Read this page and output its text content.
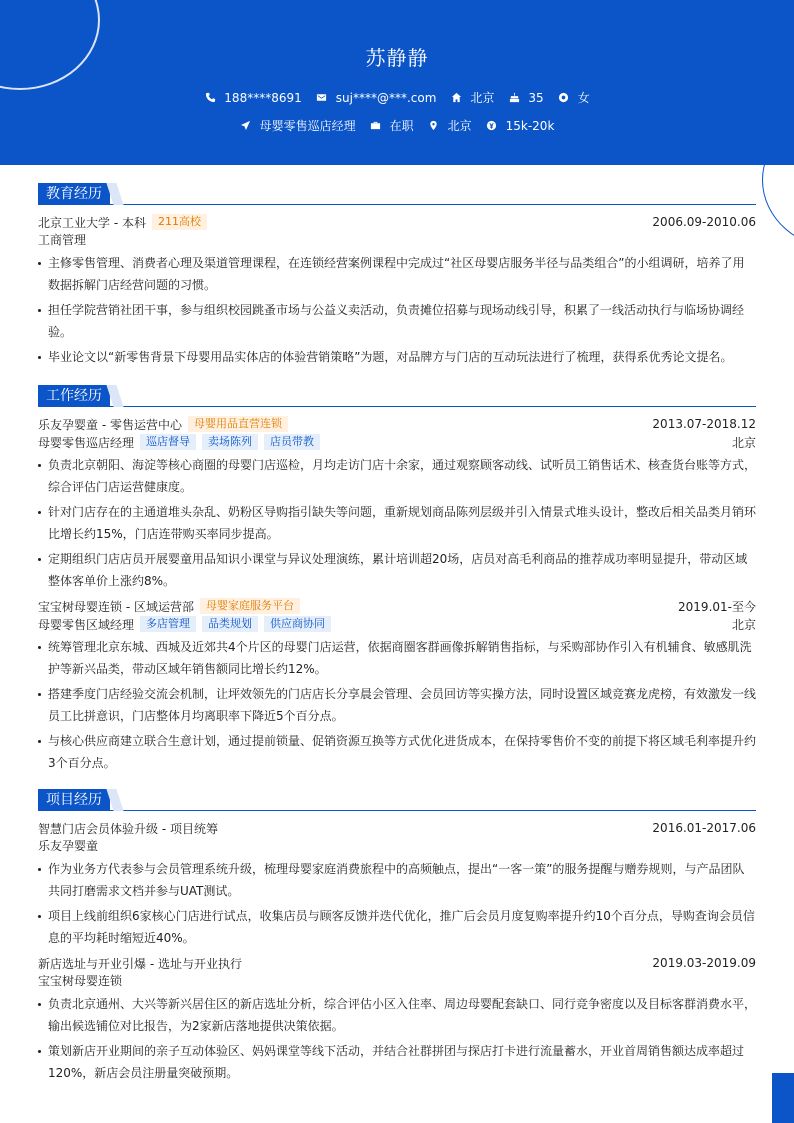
苏静静
188****8691	suj****@***.com	北京	35	女
母婴零售巡店经理	在职	北京	15k-20k
教育经历
北京工业大学 - 本科	211高校	2006.09-2010.06
工商管理
主修零售管理、消费者心理及渠道管理课程，在连锁经营案例课程中完成过“社区母婴店服务半径与品类组合”的小组调研，培养了用数据拆解门店经营问题的习惯。
担任学院营销社团干事，参与组织校园跳蚤市场与公益义卖活动，负责摊位招募与现场动线引导，积累了一线活动执行与临场协调经验。
毕业论文以“新零售背景下母婴用品实体店的体验营销策略”为题，对品牌方与门店的互动玩法进行了梳理，获得系优秀论文提名。
工作经历
乐友孕婴童 - 零售运营中心	母婴用品直营连锁	2013.07-2018.12
母婴零售巡店经理	巡店督导	卖场陈列	店员带教	北京
负责北京朝阳、海淀等核心商圈的母婴门店巡检，月均走访门店十余家，通过观察顾客动线、试听员工销售话术、核查货台账等方式，综合评估门店运营健康度。
针对门店存在的主通道堆头杂乱、奶粉区导购指引缺失等问题，重新规划商品陈列层级并引入情景式堆头设计，整改后相关品类月销环比增长约15%，门店连带购买率同步提高。
定期组织门店店员开展婴童用品知识小课堂与异议处理演练，累计培训超20场，店员对高毛利商品的推荐成功率明显提升，带动区域整体客单价上涨约8%。
宝宝树母婴连锁 - 区域运营部	母婴家庭服务平台	2019.01-至今
母婴零售区域经理	多店管理	品类规划	供应商协同	北京
统筹管理北京东城、西城及近郊共4个片区的母婴门店运营，依据商圈客群画像拆解销售指标，与采购部协作引入有机辅食、敏感肌洗护等新兴品类，带动区域年销售额同比增长约12%。
搭建季度门店经验交流会机制，让坪效领先的门店店长分享晨会管理、会员回访等实操方法，同时设置区域竞赛龙虎榜，有效激发一线员工比拼意识，门店整体月均离职率下降近5个百分点。
与核心供应商建立联合生意计划，通过提前锁量、促销资源互换等方式优化进货成本，在保持零售价不变的前提下将区域毛利率提升约3个百分点。
项目经历
智慧门店会员体验升级 - 项目统筹	2016.01-2017.06
乐友孕婴童
作为业务方代表参与会员管理系统升级，梳理母婴家庭消费旅程中的高频触点，提出“一客一策”的服务提醒与赠券规则，与产品团队共同打磨需求文档并参与UAT测试。
项目上线前组织6家核心门店进行试点，收集店员与顾客反馈并迭代优化，推广后会员月度复购率提升约10个百分点，导购查询会员信息的平均耗时缩短近40%。
新店选址与开业引爆 - 选址与开业执行	2019.03-2019.09
宝宝树母婴连锁
负责北京通州、大兴等新兴居住区的新店选址分析，综合评估小区入住率、周边母婴配套缺口、同行竞争密度以及目标客群消费水平，输出候选铺位对比报告，为2家新店落地提供决策依据。
策划新店开业期间的亲子互动体验区、妈妈课堂等线下活动，并结合社群拼团与探店打卡进行流量蓄水，开业首周销售额达成率超过120%，新店会员注册量突破预期。
